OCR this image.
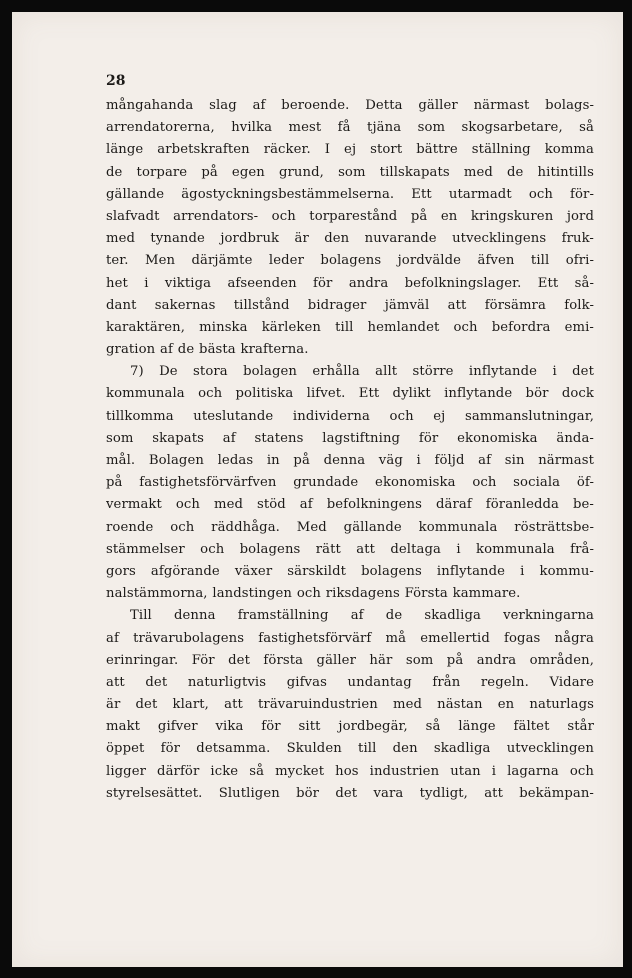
28
mångahanda slag af beroende. Detta gäller närmast bolags-
arrendatorerna, hvilka mest få tjäna som skogsarbetare, så
länge arbetskraften räcker. I ej stort bättre ställning komma
de torpare på egen grund, som tillskapats med de hitintills
gällande ägostyckningsbestämmelserna. Ett utarmadt och för-
slafvadt arrendators- och torparestånd på en kringskuren jord
med tynande jordbruk är den nuvarande utvecklingens fruk-
ter. Men därjämte leder bolagens jordvälde äfven till ofri-
het i viktiga afseenden för andra befolkningslager. Ett så-
dant sakernas tillstånd bidrager jämväl att försämra folk-
karaktären, minska kärleken till hemlandet och befordra emi-
gration af de bästa krafterna.
7) De stora bolagen erhålla allt större inflytande i det
kommunala och politiska lifvet. Ett dylikt inflytande bör dock
tillkomma uteslutande individerna och ej sammanslutningar,
som skapats af statens lagstiftning för ekonomiska ända-
mål. Bolagen ledas in på denna väg i följd af sin närmast
på fastighetsförvärfven grundade ekonomiska och sociala öf-
vermakt och med stöd af befolkningens däraf föranledda be-
roende och räddhåga. Med gällande kommunala rösträttsbe-
stämmelser och bolagens rätt att deltaga i kommunala frå-
gors afgörande växer särskildt bolagens inflytande i kommu-
nalstämmorna, landstingen och riksdagens Första kammare.
Till denna framställning af de skadliga verkningarna
af trävarubolagens fastighetsförvärf må emellertid fogas några
erinringar. För det första gäller här som på andra områden,
att det naturligtvis gifvas undantag från regeln. Vidare
är det klart, att trävaruindustrien med nästan en naturlags
makt gifver vika för sitt jordbegär, så länge fältet står
öppet för detsamma. Skulden till den skadliga utvecklingen
ligger därför icke så mycket hos industrien utan i lagarna och
styrelsesättet. Slutligen bör det vara tydligt, att bekämpan-
